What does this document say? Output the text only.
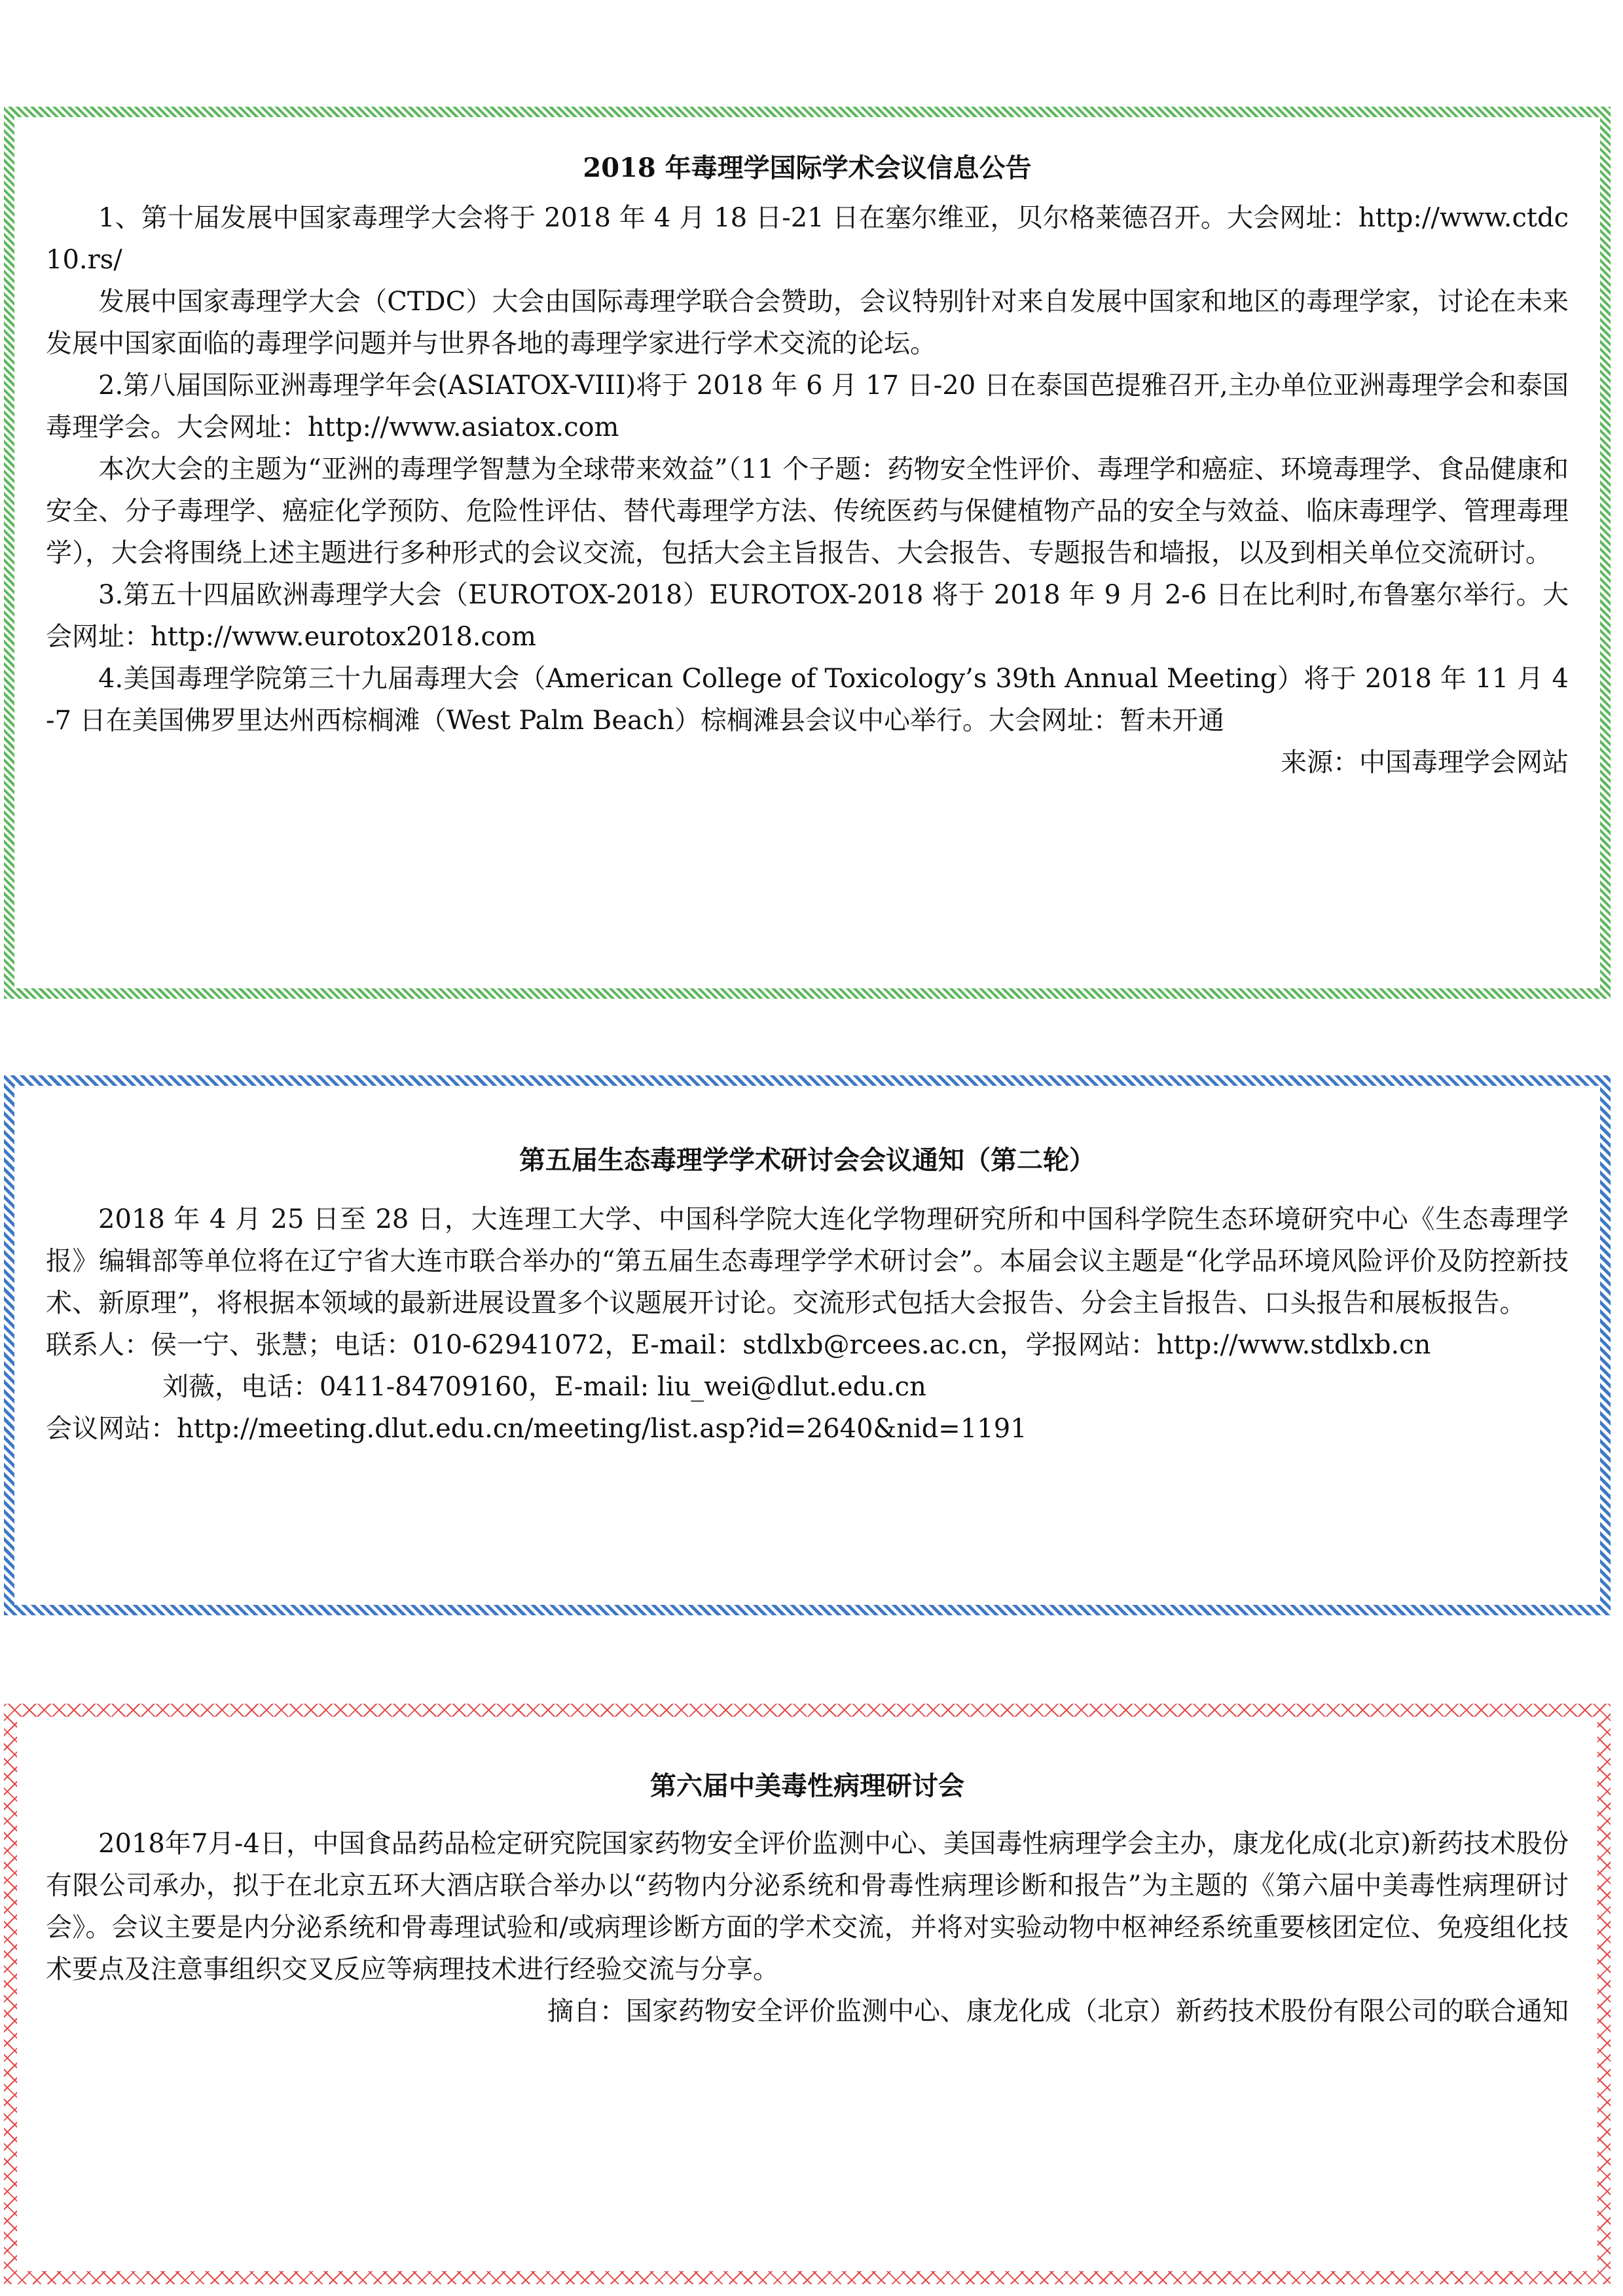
2018 年毒理学国际学术会议信息公告

1、第十届发展中国家毒理学大会将于 2018 年 4 月 18 日-21 日在塞尔维亚，贝尔格莱德召开。大会网址：http://www.ctdc10.rs/

发展中国家毒理学大会（CTDC）大会由国际毒理学联合会赞助，会议特别针对来自发展中国家和地区的毒理学家，讨论在未来发展中国家面临的毒理学问题并与世界各地的毒理学家进行学术交流的论坛。

2.第八届国际亚洲毒理学年会(ASIATOX-VIII)将于 2018 年 6 月 17 日-20 日在泰国芭提雅召开,主办单位亚洲毒理学会和泰国毒理学会。大会网址：http://www.asiatox.com

本次大会的主题为“亚洲的毒理学智慧为全球带来效益”（11 个子题：药物安全性评价、毒理学和癌症、环境毒理学、食品健康和安全、分子毒理学、癌症化学预防、危险性评估、替代毒理学方法、传统医药与保健植物产品的安全与效益、临床毒理学、管理毒理学），大会将围绕上述主题进行多种形式的会议交流，包括大会主旨报告、大会报告、专题报告和墙报，以及到相关单位交流研讨。

3.第五十四届欧洲毒理学大会（EUROTOX-2018）EUROTOX-2018 将于 2018 年 9 月 2-6 日在比利时,布鲁塞尔举行。大会网址：http://www.eurotox2018.com

4.美国毒理学院第三十九届毒理大会（American College of Toxicology’s 39th Annual Meeting）将于 2018 年 11 月 4-7 日在美国佛罗里达州西棕榈滩（West Palm Beach）棕榈滩县会议中心举行。大会网址：暂未开通

来源：中国毒理学会网站

第五届生态毒理学学术研讨会会议通知（第二轮）

2018 年 4 月 25 日至 28 日，大连理工大学、中国科学院大连化学物理研究所和中国科学院生态环境研究中心《生态毒理学报》编辑部等单位将在辽宁省大连市联合举办的“第五届生态毒理学学术研讨会”。本届会议主题是“化学品环境风险评价及防控新技术、新原理”，将根据本领域的最新进展设置多个议题展开讨论。交流形式包括大会报告、分会主旨报告、口头报告和展板报告。

联系人：侯一宁、张慧；电话：010-62941072，E-mail：stdlxb@rcees.ac.cn，学报网站：http://www.stdlxb.cn

刘薇，电话：0411-84709160，E-mail: liu_wei@dlut.edu.cn

会议网站：http://meeting.dlut.edu.cn/meeting/list.asp?id=2640&nid=1191

第六届中美毒性病理研讨会

2018年7月-4日，中国食品药品检定研究院国家药物安全评价监测中心、美国毒性病理学会主办，康龙化成(北京)新药技术股份有限公司承办，拟于在北京五环大酒店联合举办以“药物内分泌系统和骨毒性病理诊断和报告”为主题的《第六届中美毒性病理研讨会》。会议主要是内分泌系统和骨毒理试验和/或病理诊断方面的学术交流，并将对实验动物中枢神经系统重要核团定位、免疫组化技术要点及注意事组织交叉反应等病理技术进行经验交流与分享。

摘自：国家药物安全评价监测中心、康龙化成（北京）新药技术股份有限公司的联合通知
